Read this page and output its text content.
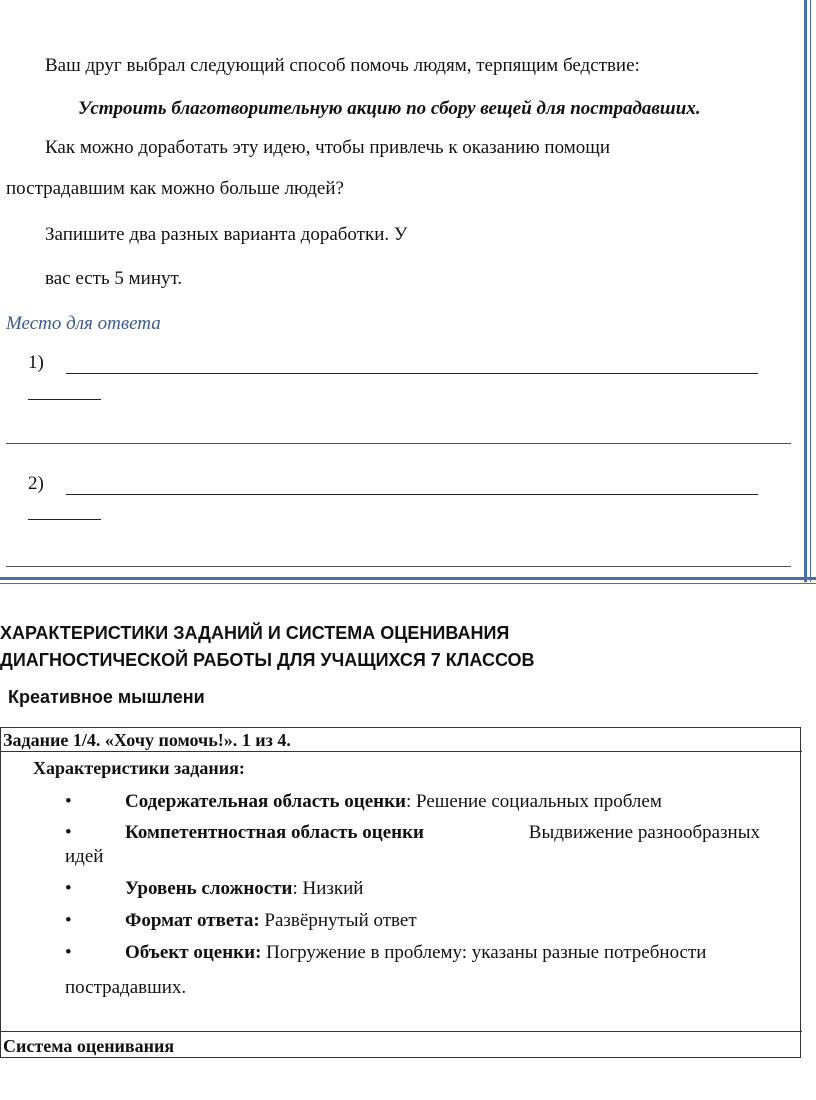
Ваш друг выбрал следующий способ помочь людям, терпящим бедствие:
Устроить благотворительную акцию по сбору вещей для пострадавших.
Как можно доработать эту идею, чтобы привлечь к оказанию помощи
пострадавшим как можно больше людей?
Запишите два разных варианта доработки. У
вас есть 5 минут.
Место для ответа
1)
2)
ХАРАКТЕРИСТИКИ ЗАДАНИЙ И СИСТЕМА ОЦЕНИВАНИЯ
ДИАГНОСТИЧЕСКОЙ РАБОТЫ ДЛЯ УЧАЩИХСЯ 7 КЛАССОВ
Креативное мышлени
Задание 1/4. «Хочу помочь!». 1 из 4.
Характеристики задания:
•	Содержательная область оценки: Решение социальных проблем
•	Компетентностная область оценки	Выдвижение разнообразных
идей
•	Уровень сложности: Низкий
•	Формат ответа: Развёрнутый ответ
•	Объект оценки: Погружение в проблему: указаны разные потребности
пострадавших.
Система оценивания
